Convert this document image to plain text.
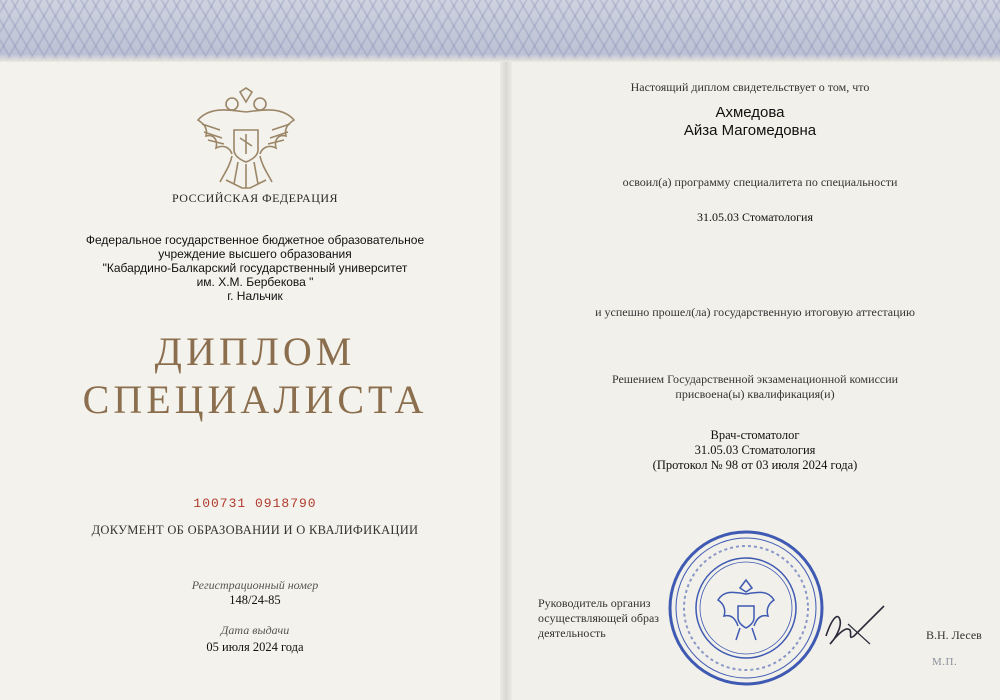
РОССИЙСКАЯ ФЕДЕРАЦИЯ
Федеральное государственное бюджетное образовательное
учреждение высшего образования
"Кабардино-Балкарский государственный университет
им. Х.М. Бербекова "
г. Нальчик
ДИПЛОМ
СПЕЦИАЛИСТА
100731 0918790
ДОКУМЕНТ ОБ ОБРАЗОВАНИИ И О КВАЛИФИКАЦИИ
Регистрационный номер
148/24-85
Дата выдачи
05 июля 2024 года
Настоящий диплом свидетельствует о том, что
Ахмедова
Айза Магомедовна
освоил(а) программу специалитета по специальности
31.05.03 Стоматология
и успешно прошел(ла) государственную итоговую аттестацию
Решением Государственной экзаменационной комиссии
присвоена(ы) квалификация(и)
Врач-стоматолог
31.05.03 Стоматология
(Протокол № 98 от 03 июля 2024 года)
Руководитель организ
осуществляющей образ
деятельность	В.Н. Лесев
М.П.
